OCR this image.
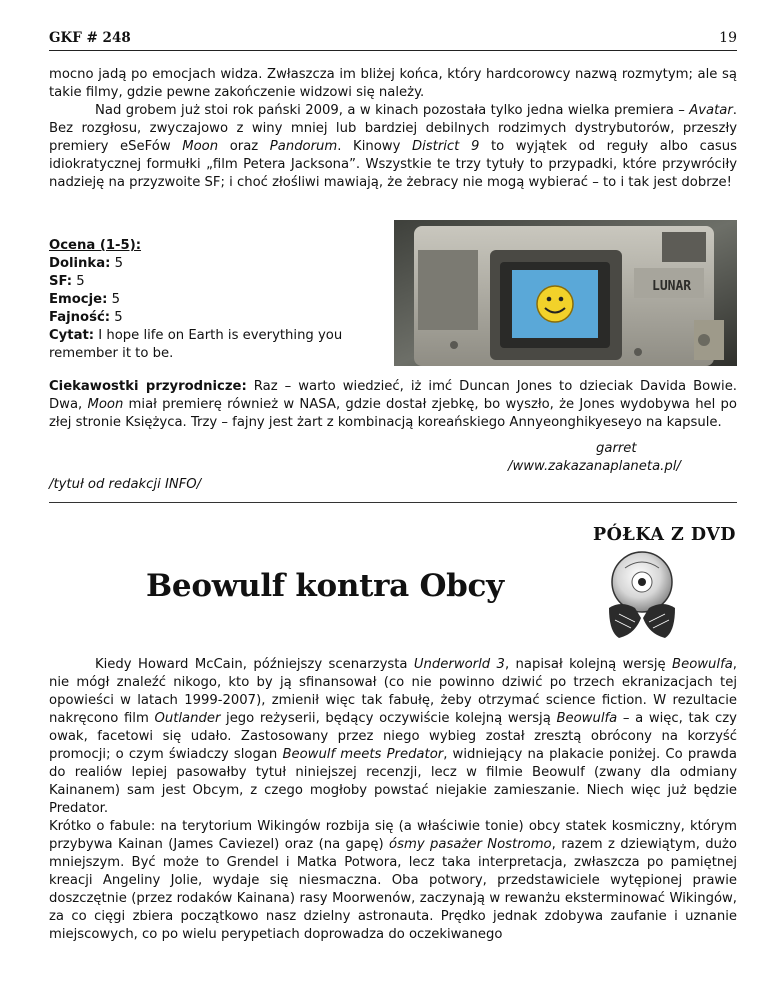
GKF # 248	19

mocno jadą po emocjach widza. Zwłaszcza im bliżej końca, który hardcorowcy nazwą rozmytym; ale są takie filmy, gdzie pewne zakończenie widzowi się należy.

Nad grobem już stoi rok pański 2009, a w kinach pozostała tylko jedna wielka premiera – Avatar. Bez rozgłosu, zwyczajowo z winy mniej lub bardziej debilnych rodzimych dystrybutorów, przeszły premiery eSeFów Moon oraz Pandorum. Kinowy District 9 to wyjątek od reguły albo casus idiokratycznej formułki „film Petera Jacksona”. Wszystkie te trzy tytuły to przypadki, które przywróciły nadzieję na przyzwoite SF; i choć złośliwi mawiają, że żebracy nie mogą wybierać – to i tak jest dobrze!

Ocena (1-5):
Dolinka: 5
SF: 5
Emocje: 5
Fajność: 5
Cytat: I hope life on Earth is everything you remember it to be.
LUNAR

Ciekawostki przyrodnicze: Raz – warto wiedzieć, iż imć Duncan Jones to dzieciak Davida Bowie. Dwa, Moon miał premierę również w NASA, gdzie dostał zjebkę, bo wyszło, że Jones wydobywa hel po złej stronie Księżyca. Trzy – fajny jest żart z kombinacją koreańskiego Annyeonghikyeseyo na kapsule.

garret
/www.zakazanaplaneta.pl/
/tytuł od redakcji INFO/
PÓŁKA Z DVD
Beowulf kontra Obcy

Kiedy Howard McCain, późniejszy scenarzysta Underworld 3, napisał kolejną wersję Beowulfa, nie mógł znaleźć nikogo, kto by ją sfinansował (co nie powinno dziwić po trzech ekranizacjach tej opowieści w latach 1999-2007), zmienił więc tak fabułę, żeby otrzymać science fiction. W rezultacie nakręcono film Outlander jego reżyserii, będący oczywiście kolejną wersją Beowulfa – a więc, tak czy owak, facetowi się udało. Zastosowany przez niego wybieg został zresztą obrócony na korzyść promocji; o czym świadczy slogan Beowulf meets Predator, widniejący na plakacie poniżej. Co prawda do realiów lepiej pasowałby tytuł niniejszej recenzji, lecz w filmie Beowulf (zwany dla odmiany Kainanem) sam jest Obcym, z czego mogłoby powstać niejakie zamieszanie. Niech więc już będzie Predator.

Krótko o fabule: na terytorium Wikingów rozbija się (a właściwie tonie) obcy statek kosmiczny, którym przybywa Kainan (James Caviezel) oraz (na gapę) ósmy pasażer Nostromo, razem z dziewiątym, dużo mniejszym. Być może to Grendel i Matka Potwora, lecz taka interpretacja, zwłaszcza po pamiętnej kreacji Angeliny Jolie, wydaje się niesmaczna. Oba potwory, przedstawiciele wytępionej prawie doszczętnie (przez rodaków Kainana) rasy Moorwenów, zaczynają w rewanżu eksterminować Wikingów, za co cięgi zbiera początkowo nasz dzielny astronauta. Prędko jednak zdobywa zaufanie i uznanie miejscowych, co po wielu perypetiach doprowadza do oczekiwanego
